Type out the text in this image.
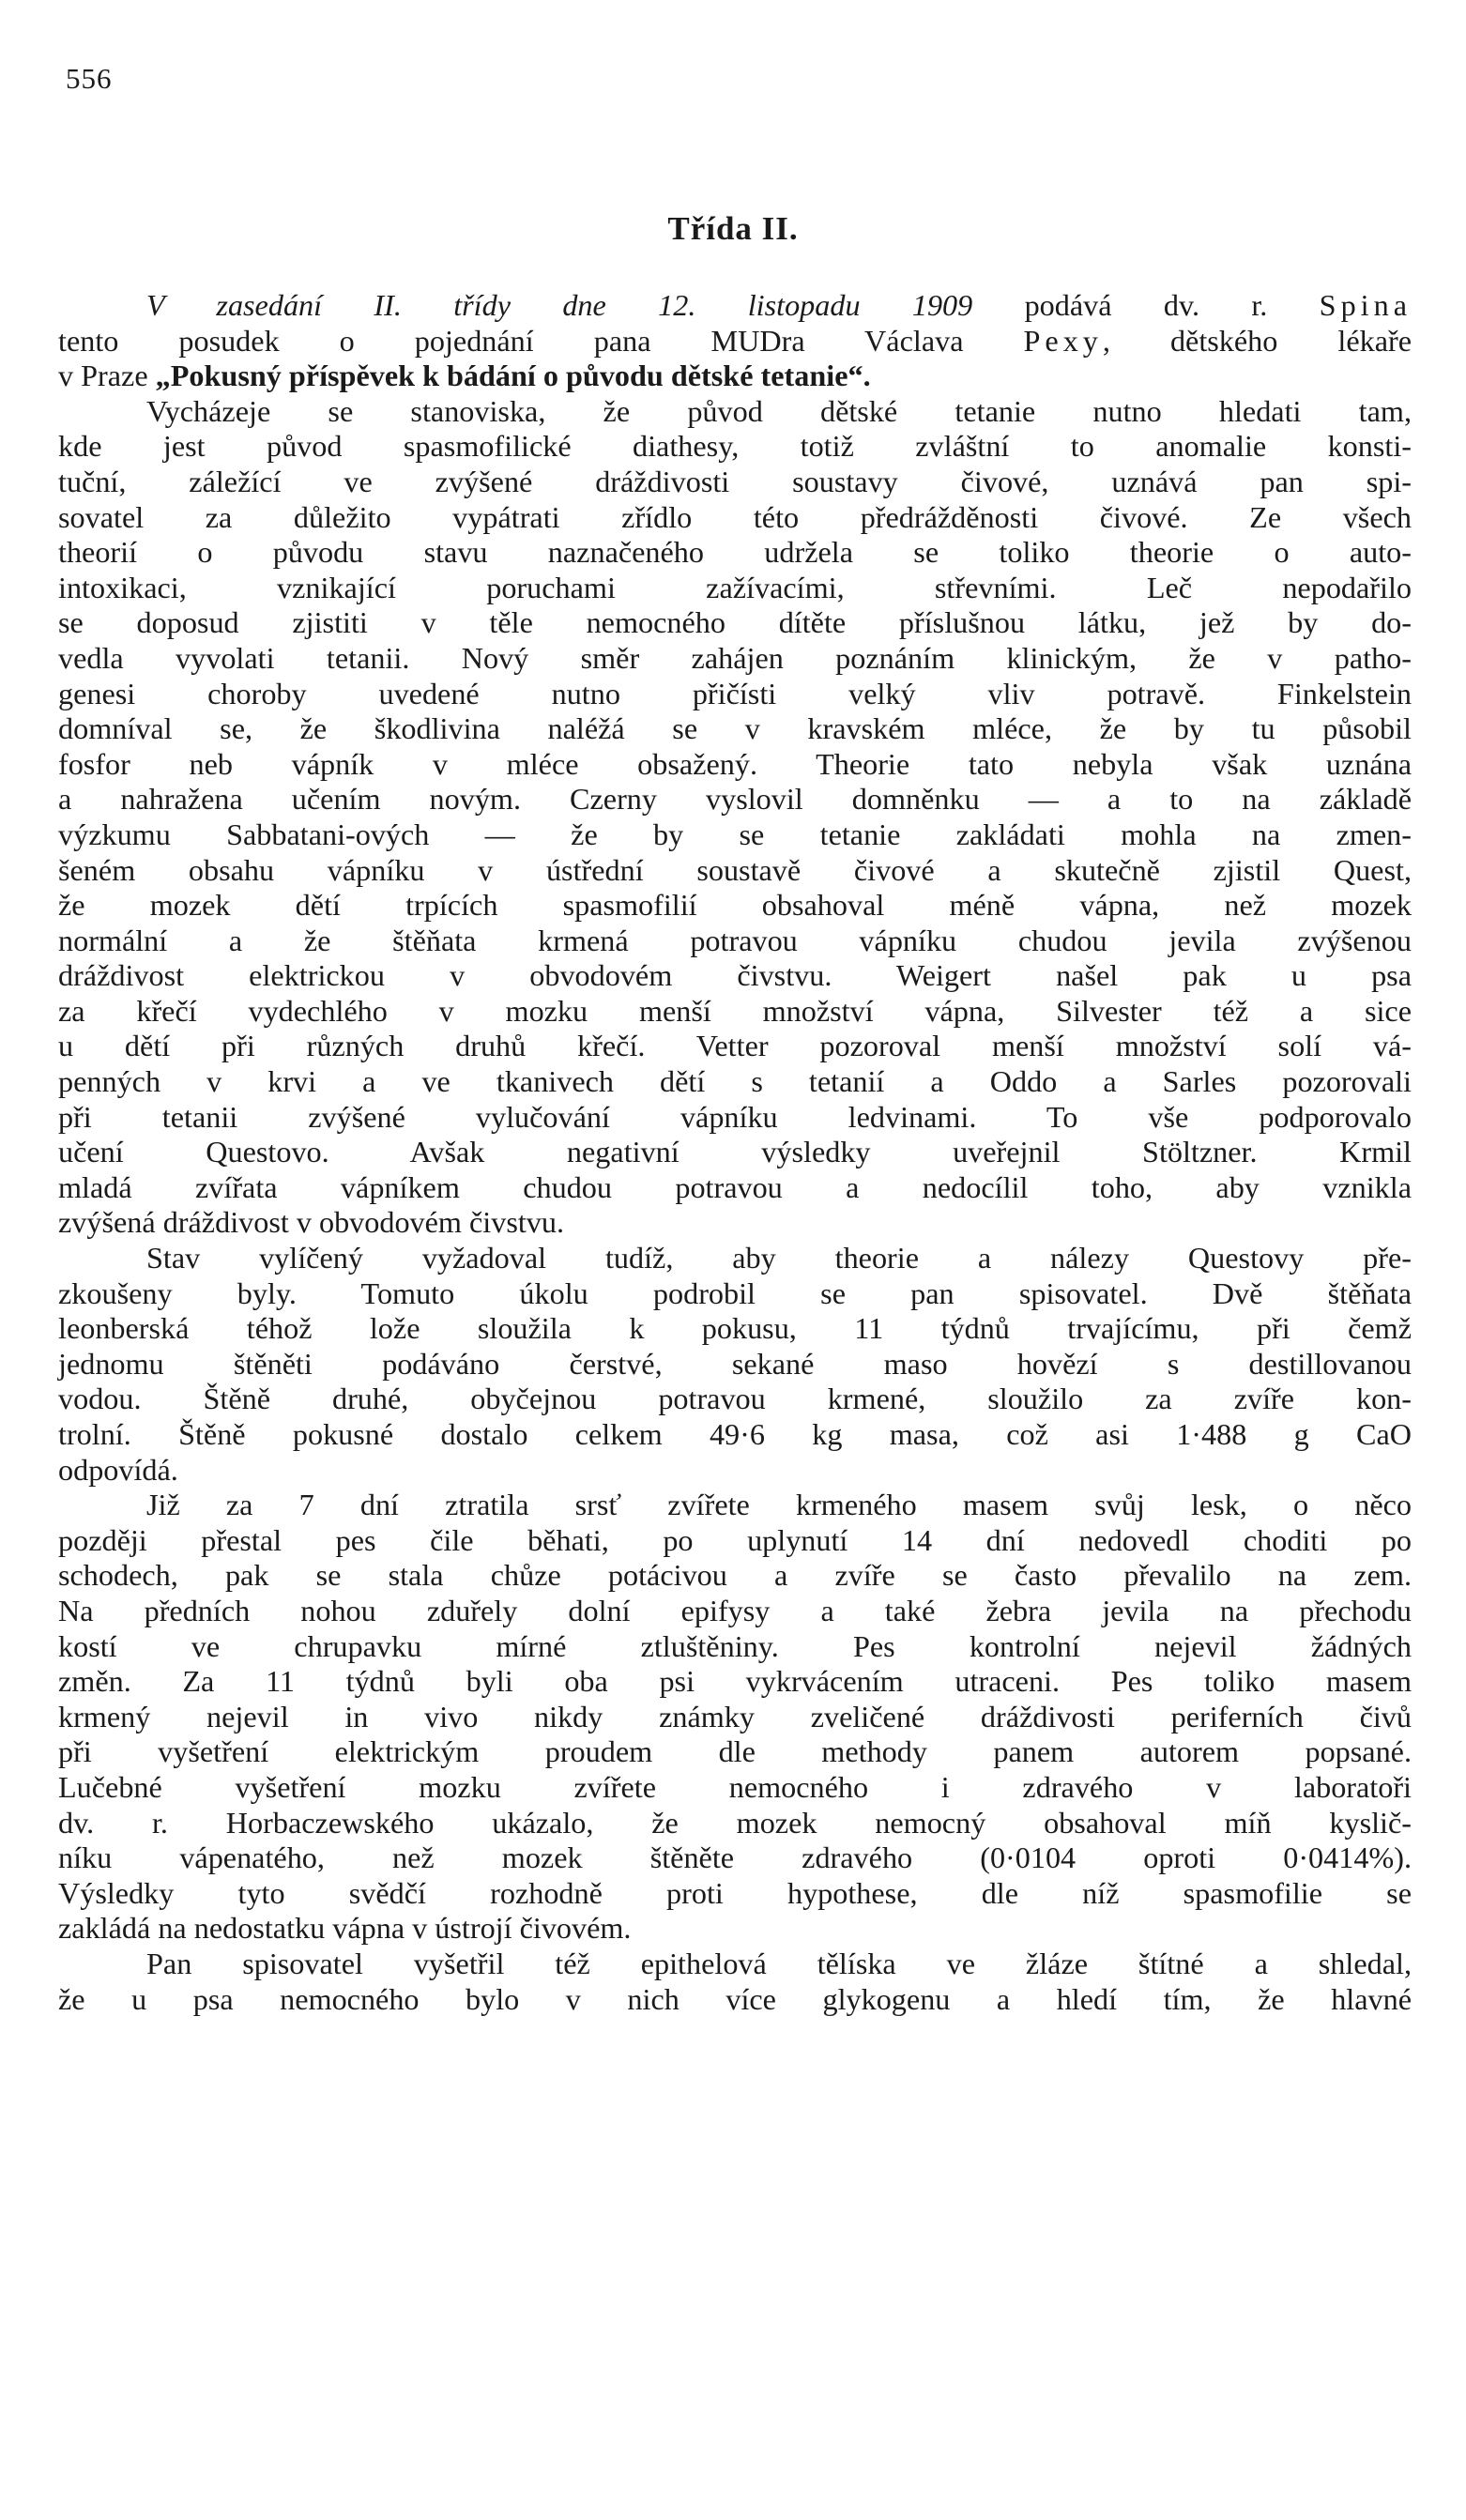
556
Třída II.
V zasedání II. třídy dne 12. listopadu 1909 podává dv. r. Spina
tento posudek o pojednání pana MUDra Václava Pexy, dětského lékaře
v Praze „Pokusný příspěvek k bádání o původu dětské tetanie“.
Vycházeje se stanoviska, že původ dětské tetanie nutno hledati tam,
kde jest původ spasmofilické diathesy, totiž zvláštní to anomalie konsti-
tuční, záležící ve zvýšené dráždivosti soustavy čivové, uznává pan spi-
sovatel za důležito vypátrati zřídlo této předrážděnosti čivové. Ze všech
theorií o původu stavu naznačeného udržela se toliko theorie o auto-
intoxikaci, vznikající poruchami zažívacími, střevními. Leč nepodařilo
se doposud zjistiti v těle nemocného dítěte příslušnou látku, jež by do-
vedla vyvolati tetanii. Nový směr zahájen poznáním klinickým, že v patho-
genesi choroby uvedené nutno přičísti velký vliv potravě. Finkelstein
domníval se, že škodlivina naléžá se v kravském mléce, že by tu působil
fosfor neb vápník v mléce obsažený. Theorie tato nebyla však uznána
a nahražena učením novým. Czerny vyslovil domněnku — a to na základě
výzkumu Sabbatani-ových — že by se tetanie zakládati mohla na zmen-
šeném obsahu vápníku v ústřední soustavě čivové a skutečně zjistil Quest,
že mozek dětí trpících spasmofilií obsahoval méně vápna, než mozek
normální a že štěňata krmená potravou vápníku chudou jevila zvýšenou
dráždivost elektrickou v obvodovém čivstvu. Weigert našel pak u psa
za křečí vydechlého v mozku menší množství vápna, Silvester též a sice
u dětí při různých druhů křečí. Vetter pozoroval menší množství solí vá-
penných v krvi a ve tkanivech dětí s tetanií a Oddo a Sarles pozorovali
při tetanii zvýšené vylučování vápníku ledvinami. To vše podporovalo
učení Questovo. Avšak negativní výsledky uveřejnil Stöltzner. Krmil
mladá zvířata vápníkem chudou potravou a nedocílil toho, aby vznikla
zvýšená dráždivost v obvodovém čivstvu.
Stav vylíčený vyžadoval tudíž, aby theorie a nálezy Questovy pře-
zkoušeny byly. Tomuto úkolu podrobil se pan spisovatel. Dvě štěňata
leonberská téhož lože sloužila k pokusu, 11 týdnů trvajícímu, při čemž
jednomu štěněti podáváno čerstvé, sekané maso hovězí s destillovanou
vodou. Štěně druhé, obyčejnou potravou krmené, sloužilo za zvíře kon-
trolní. Štěně pokusné dostalo celkem 49·6 kg masa, což asi 1·488 g CaO
odpovídá.
Již za 7 dní ztratila srsť zvířete krmeného masem svůj lesk, o něco
později přestal pes čile běhati, po uplynutí 14 dní nedovedl choditi po
schodech, pak se stala chůze potácivou a zvíře se často převalilo na zem.
Na předních nohou zduřely dolní epifysy a také žebra jevila na přechodu
kostí ve chrupavku mírné ztluštěniny. Pes kontrolní nejevil žádných
změn. Za 11 týdnů byli oba psi vykrvácením utraceni. Pes toliko masem
krmený nejevil in vivo nikdy známky zveličené dráždivosti periferních čivů
při vyšetření elektrickým proudem dle methody panem autorem popsané.
Lučebné vyšetření mozku zvířete nemocného i zdravého v laboratoři
dv. r. Horbaczewského ukázalo, že mozek nemocný obsahoval míň kyslič-
níku vápenatého, než mozek štěněte zdravého (0·0104 oproti 0·0414%).
Výsledky tyto svědčí rozhodně proti hypothese, dle níž spasmofilie se
zakládá na nedostatku vápna v ústrojí čivovém.
Pan spisovatel vyšetřil též epithelová tělíska ve žláze štítné a shledal,
že u psa nemocného bylo v nich více glykogenu a hledí tím, že hlavné
